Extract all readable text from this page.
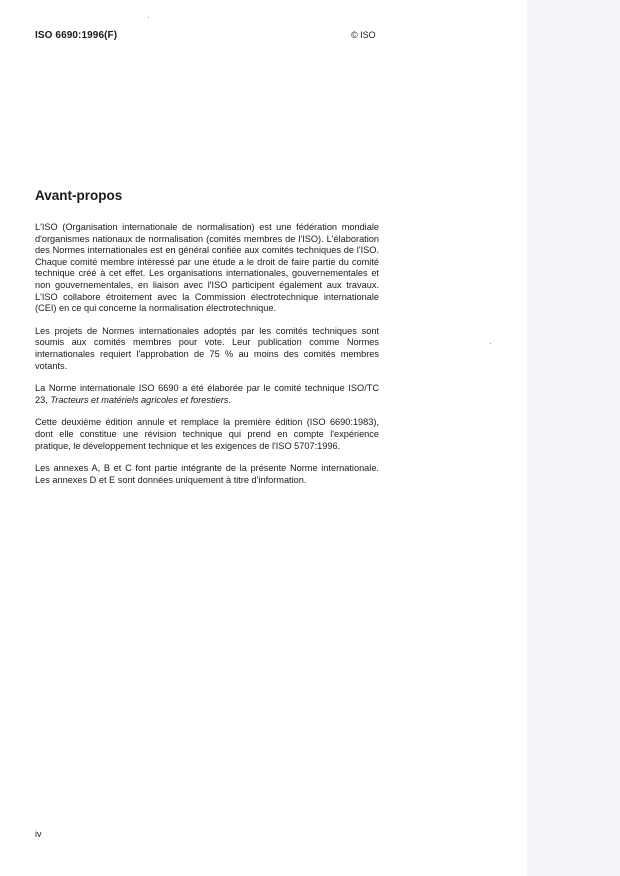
ISO 6690:1996(F)	© ISO
Avant-propos

L'ISO (Organisation internationale de normalisation) est une fédération mondiale d'organismes nationaux de normalisation (comités membres de l'ISO). L'élaboration des Normes internationales est en général confiée aux comités techniques de l'ISO. Chaque comité membre intéressé par une étude a le droit de faire partie du comité technique créé à cet effet. Les organisations internationales, gouvernementales et non gouvernementales, en liaison avec l'ISO participent également aux travaux. L'ISO collabore étroitement avec la Commission électrotechnique internationale (CEI) en ce qui concerne la normalisation électrotechnique.

Les projets de Normes internationales adoptés par les comités techniques sont soumis aux comités membres pour vote. Leur publication comme Normes internationales requiert l'approbation de 75 % au moins des comités membres votants.

La Norme internationale ISO 6690 a été élaborée par le comité technique ISO/TC 23, Tracteurs et matériels agricoles et forestiers.

Cette deuxième édition annule et remplace la première édition (ISO 6690:1983), dont elle constitue une révision technique qui prend en compte l'expérience pratique, le développement technique et les exigences de l'ISO 5707:1996.

Les annexes A, B et C font partie intégrante de la présente Norme internationale. Les annexes D et E sont données uniquement à titre d'information.

iv
